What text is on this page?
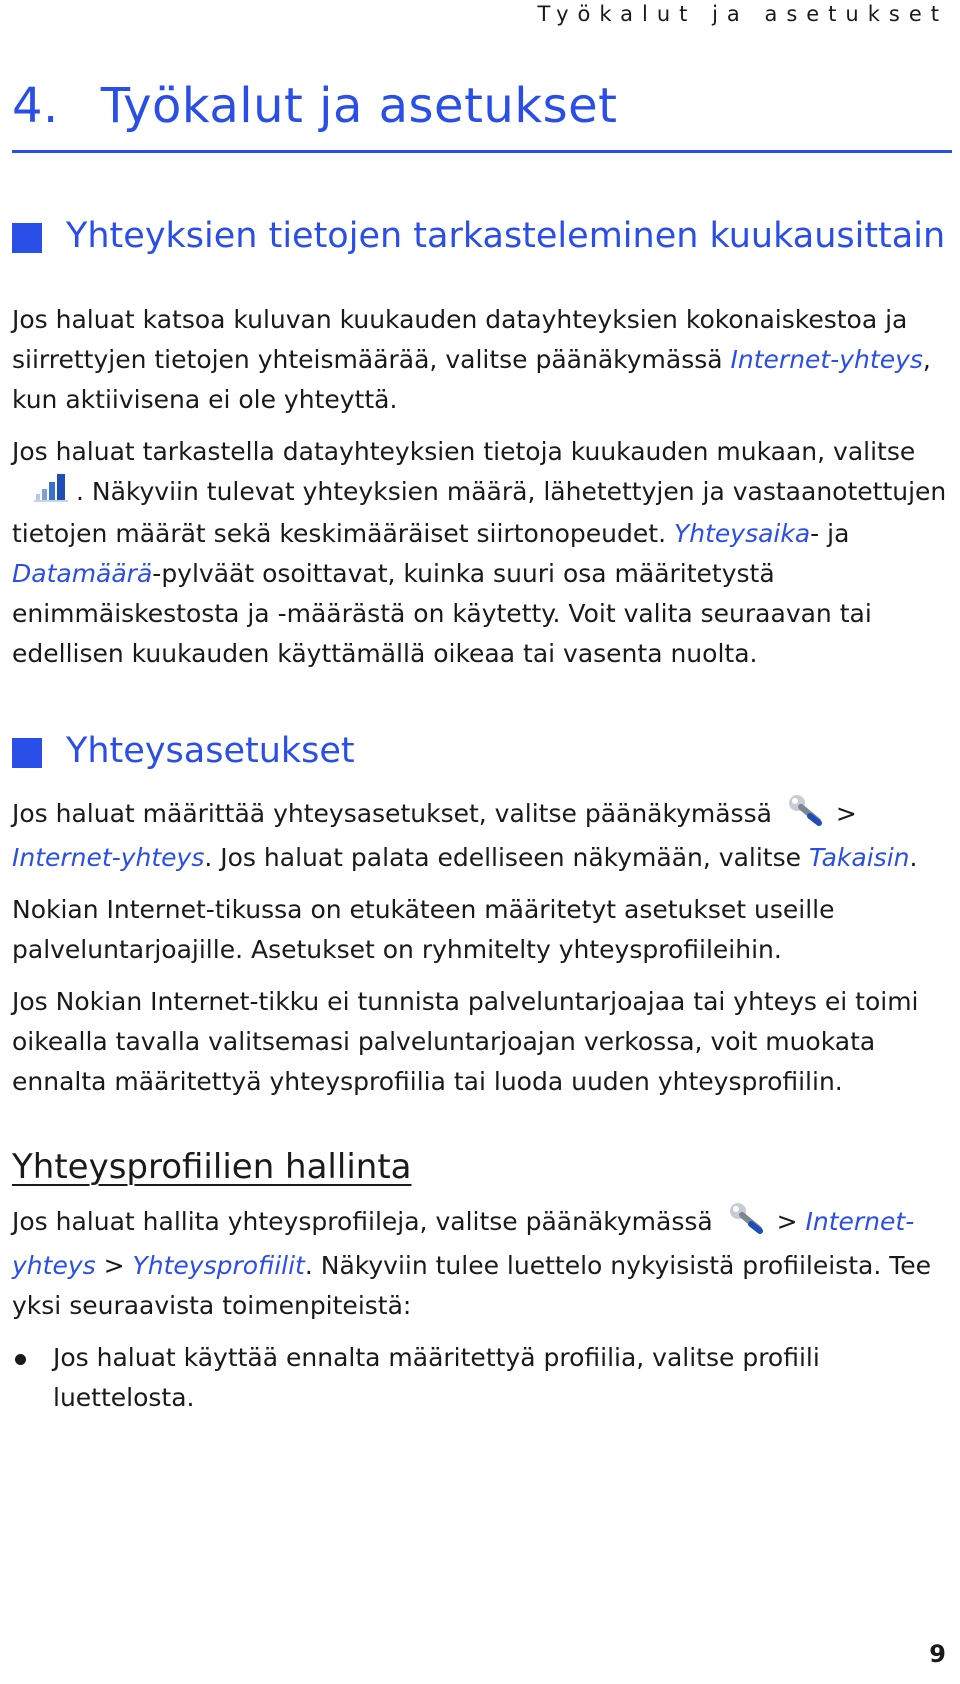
Työkalut ja asetukset
4. Työkalut ja asetukset
Yhteyksien tietojen tarkasteleminen kuukausittain

Jos haluat katsoa kuluvan kuukauden datayhteyksien kokonaiskestoa ja siirrettyjen tietojen yhteismäärää, valitse päänäkymässä Internet-yhteys, kun aktiivisena ei ole yhteyttä.

Jos haluat tarkastella datayhteyksien tietoja kuukauden mukaan, valitse . Näkyviin tulevat yhteyksien määrä, lähetettyjen ja vastaanotettujen tietojen määrät sekä keskimääräiset siirtonopeudet. Yhteysaika- ja Datamäärä-pylväät osoittavat, kuinka suuri osa määritetystä enimmäiskestosta ja -määrästä on käytetty. Voit valita seuraavan tai edellisen kuukauden käyttämällä oikeaa tai vasenta nuolta.

Yhteysasetukset

Jos haluat määrittää yhteysasetukset, valitse päänäkymässä  > Internet-yhteys. Jos haluat palata edelliseen näkymään, valitse Takaisin.

Nokian Internet-tikussa on etukäteen määritetyt asetukset useille palveluntarjoajille. Asetukset on ryhmitelty yhteysprofiileihin.

Jos Nokian Internet-tikku ei tunnista palveluntarjoajaa tai yhteys ei toimi oikealla tavalla valitsemasi palveluntarjoajan verkossa, voit muokata ennalta määritettyä yhteysprofiilia tai luoda uuden yhteysprofiilin.

Yhteysprofiilien hallinta

Jos haluat hallita yhteysprofiileja, valitse päänäkymässä  > Internet-yhteys > Yhteysprofiilit. Näkyviin tulee luettelo nykyisistä profiileista. Tee yksi seuraavista toimenpiteistä:

Jos haluat käyttää ennalta määritettyä profiilia, valitse profiili luettelosta.
9
